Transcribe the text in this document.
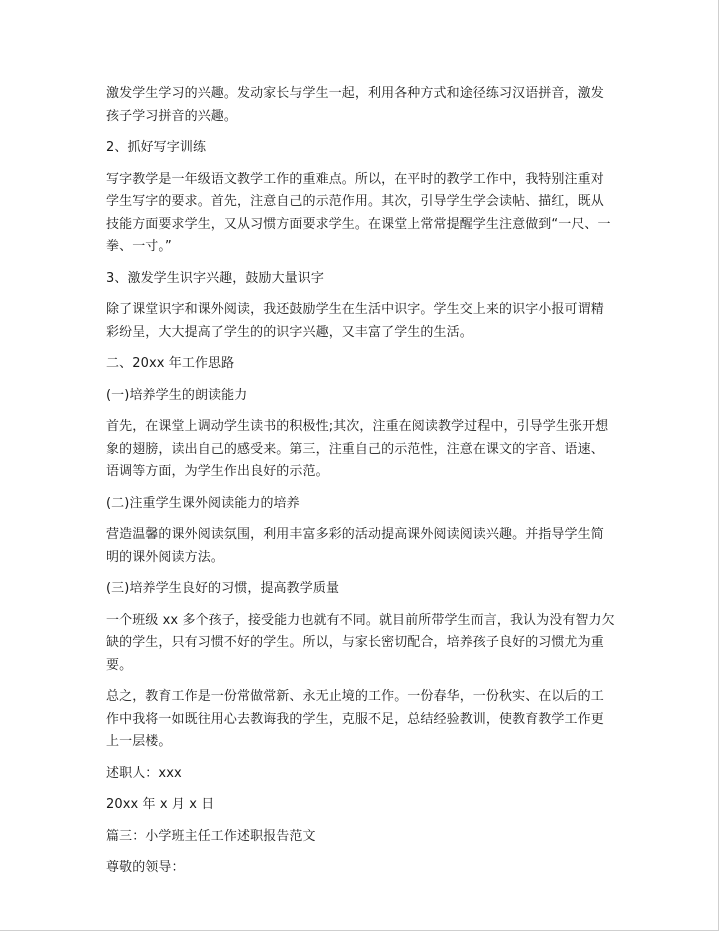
激发学生学习的兴趣。发动家长与学生一起，利用各种方式和途径练习汉语拼音，激发孩子学习拼音的兴趣。

2、抓好写字训练

写字教学是一年级语文教学工作的重难点。所以，在平时的教学工作中，我特别注重对学生写字的要求。首先，注意自己的示范作用。其次，引导学生学会读帖、描红，既从技能方面要求学生，又从习惯方面要求学生。在课堂上常常提醒学生注意做到“一尺、一拳、一寸。”

3、激发学生识字兴趣，鼓励大量识字

除了课堂识字和课外阅读，我还鼓励学生在生活中识字。学生交上来的识字小报可谓精彩纷呈，大大提高了学生的的识字兴趣，又丰富了学生的生活。

二、20xx 年工作思路

(一)培养学生的朗读能力

首先，在课堂上调动学生读书的积极性;其次，注重在阅读教学过程中，引导学生张开想象的翅膀，读出自己的感受来。第三，注重自己的示范性，注意在课文的字音、语速、语调等方面，为学生作出良好的示范。

(二)注重学生课外阅读能力的培养

营造温馨的课外阅读氛围，利用丰富多彩的活动提高课外阅读阅读兴趣。并指导学生简明的课外阅读方法。

(三)培养学生良好的习惯，提高教学质量

一个班级 xx 多个孩子，接受能力也就有不同。就目前所带学生而言，我认为没有智力欠缺的学生，只有习惯不好的学生。所以，与家长密切配合，培养孩子良好的习惯尤为重要。

总之，教育工作是一份常做常新、永无止境的工作。一份春华，一份秋实、在以后的工作中我将一如既往用心去教诲我的学生，克服不足，总结经验教训，使教育教学工作更上一层楼。

述职人：xxx

20xx 年 x 月 x 日

篇三：小学班主任工作述职报告范文

尊敬的领导：
